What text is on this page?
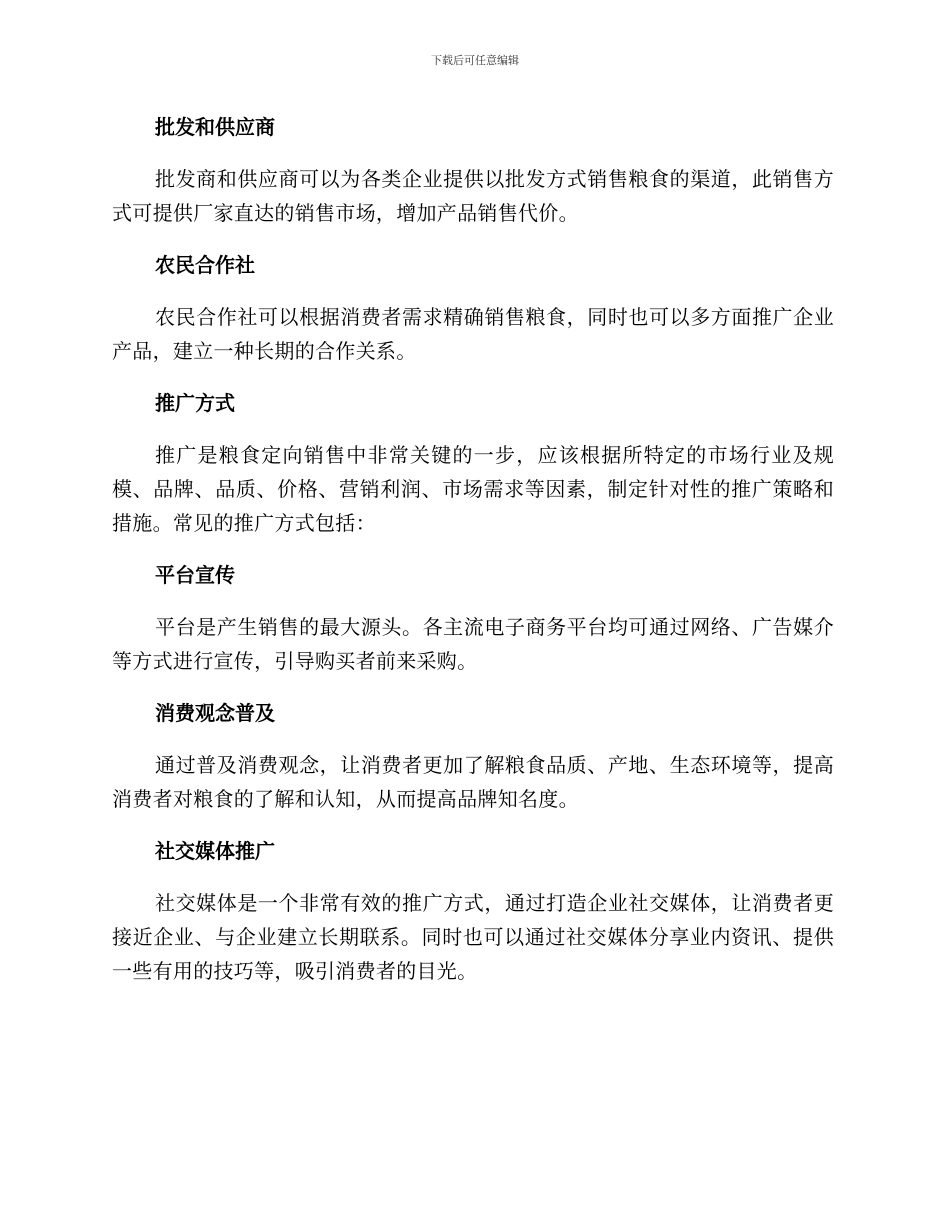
下载后可任意编辑
批发和供应商

批发商和供应商可以为各类企业提供以批发方式销售粮食的渠道，此销售方式可提供厂家直达的销售市场，增加产品销售代价。

农民合作社

农民合作社可以根据消费者需求精确销售粮食，同时也可以多方面推广企业产品，建立一种长期的合作关系。

推广方式

推广是粮食定向销售中非常关键的一步，应该根据所特定的市场行业及规模、品牌、品质、价格、营销利润、市场需求等因素，制定针对性的推广策略和措施。常见的推广方式包括：

平台宣传

平台是产生销售的最大源头。各主流电子商务平台均可通过网络、广告媒介等方式进行宣传，引导购买者前来采购。

消费观念普及

通过普及消费观念，让消费者更加了解粮食品质、产地、生态环境等，提高消费者对粮食的了解和认知，从而提高品牌知名度。

社交媒体推广

社交媒体是一个非常有效的推广方式，通过打造企业社交媒体，让消费者更接近企业、与企业建立长期联系。同时也可以通过社交媒体分享业内资讯、提供一些有用的技巧等，吸引消费者的目光。
